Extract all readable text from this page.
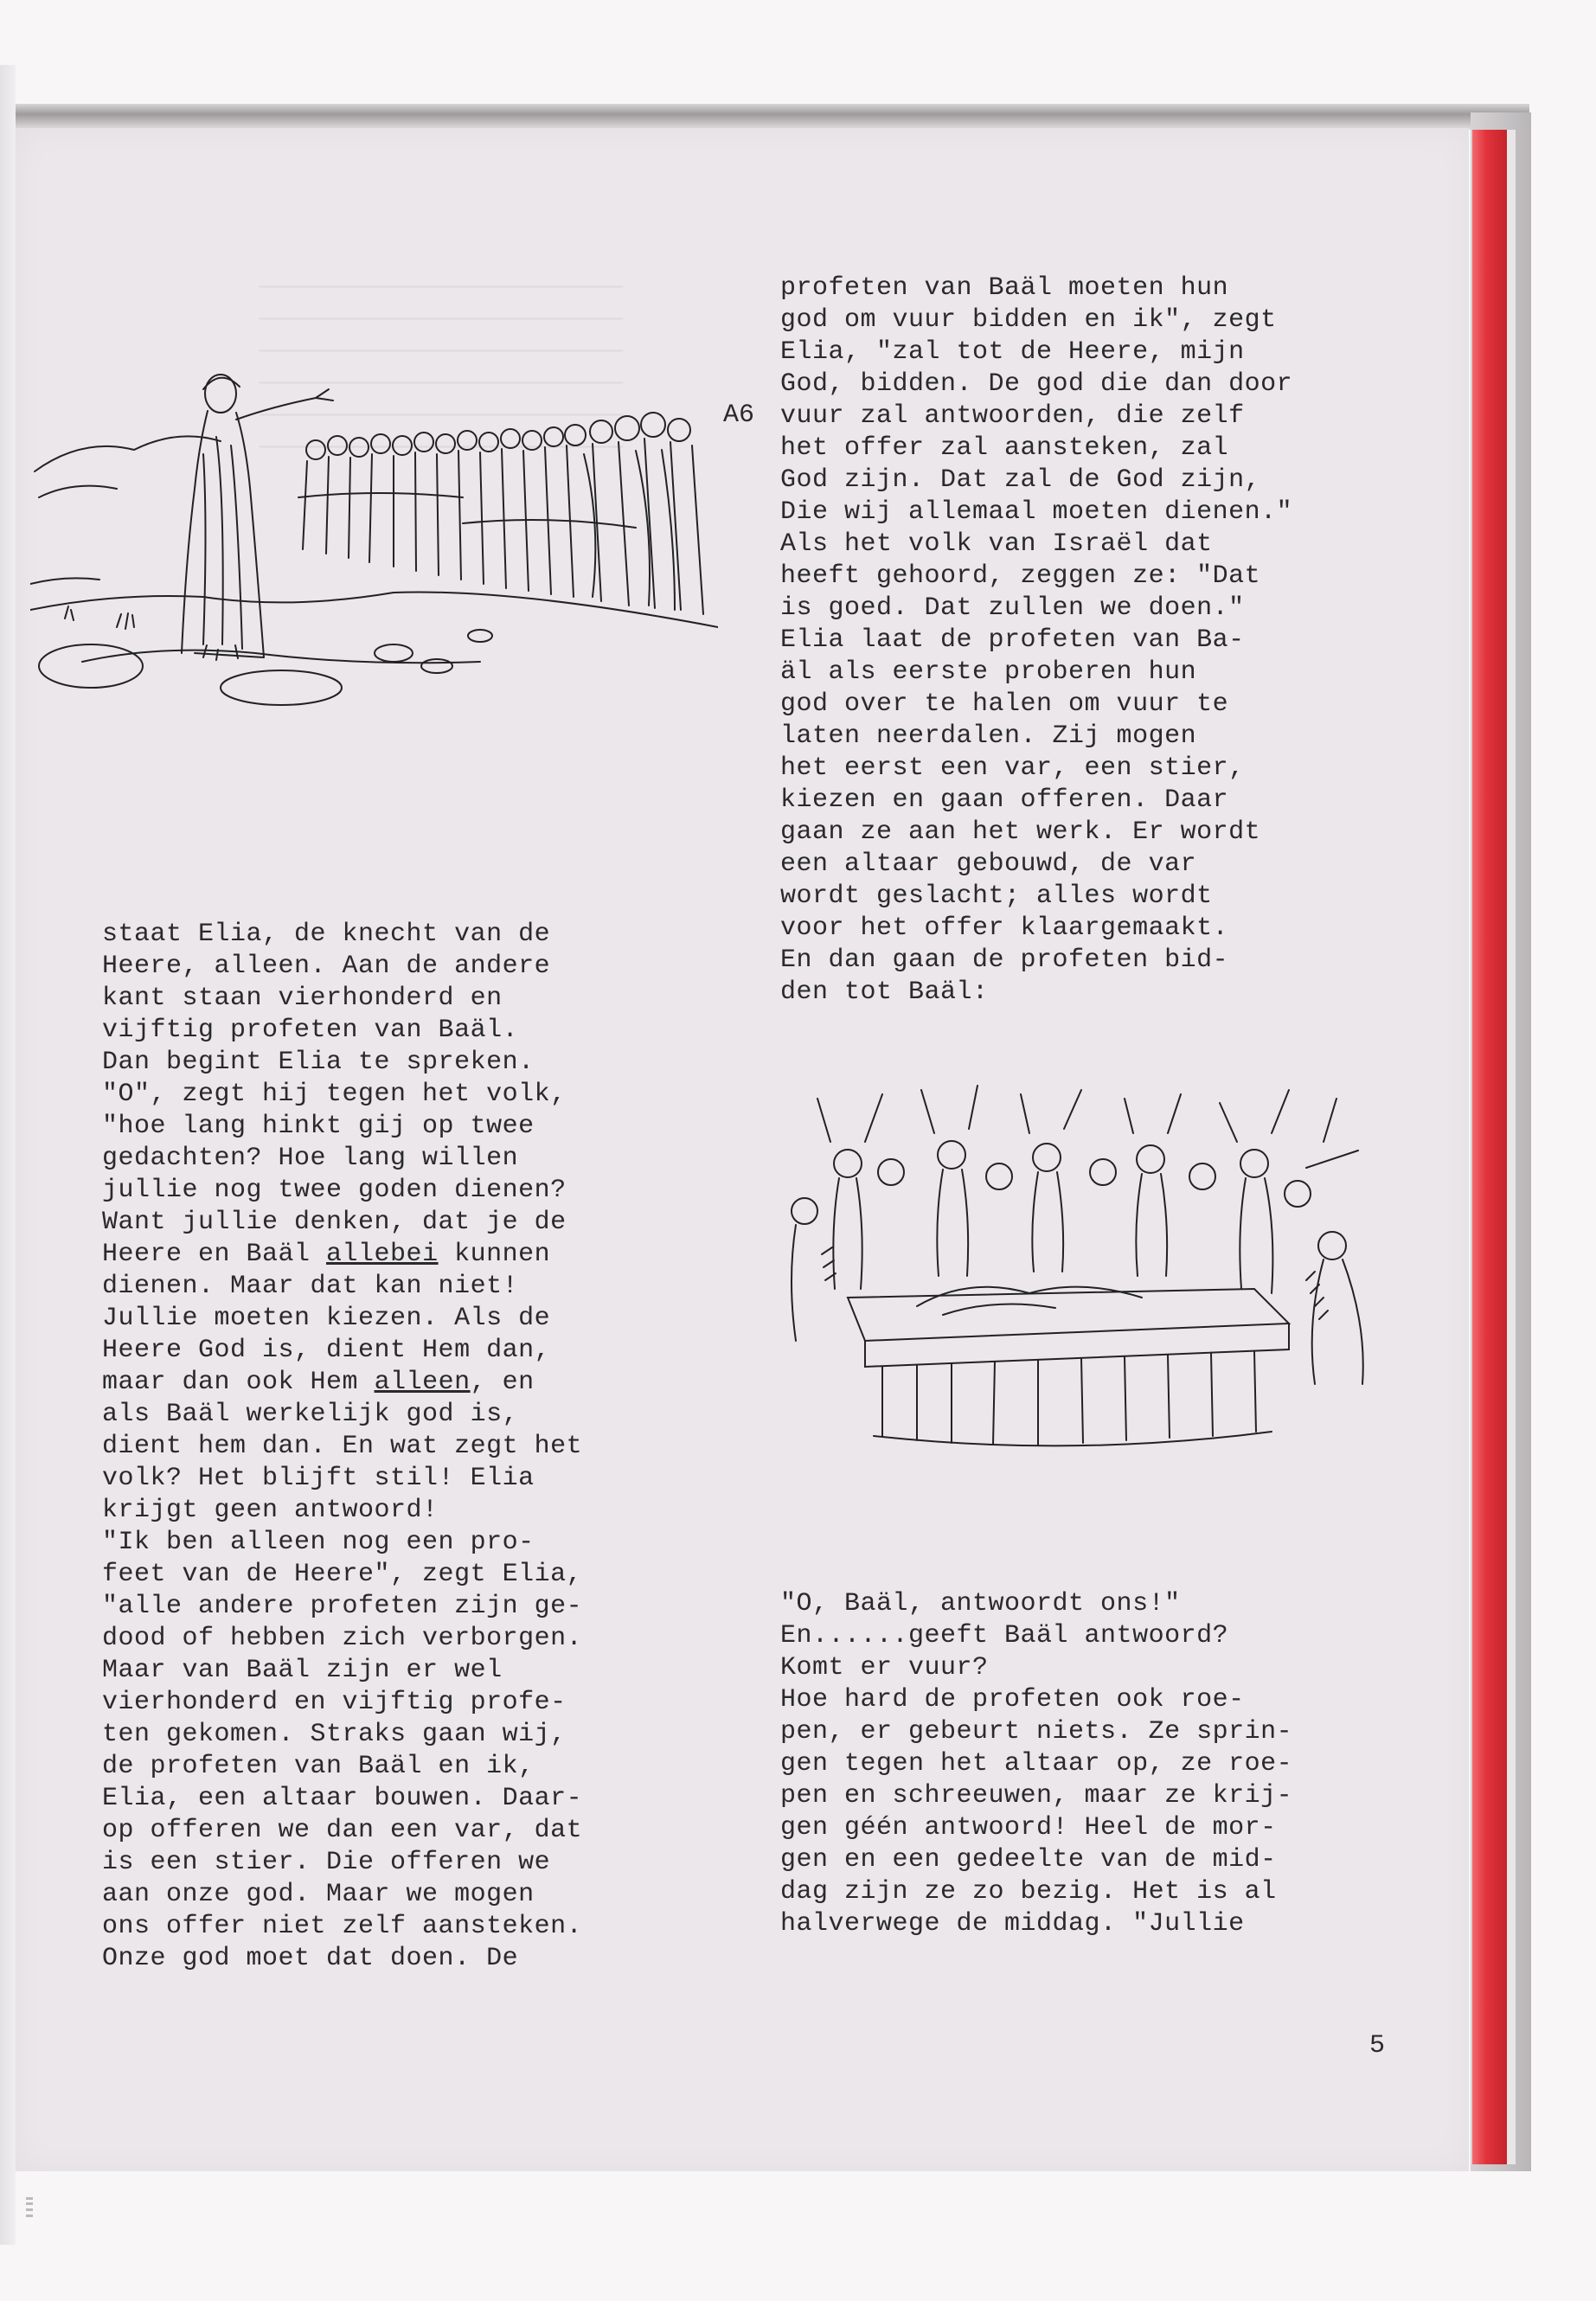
─────────────────────────
─────────────────────────
─────────────────────────
─────────────────────────
─────────────────────────
─────────────────────────
A6
profeten van Baäl moeten hun
god om vuur bidden en ik", zegt
Elia, "zal tot de Heere, mijn
God, bidden. De god die dan door
vuur zal antwoorden, die zelf
het offer zal aansteken, zal
God zijn. Dat zal de God zijn,
Die wij allemaal moeten dienen."
Als het volk van Israël dat
heeft gehoord, zeggen ze: "Dat
is goed. Dat zullen we doen."
Elia laat de profeten van Ba-
äl als eerste proberen hun
god over te halen om vuur te
laten neerdalen. Zij mogen
het eerst een var, een stier,
kiezen en gaan offeren. Daar
gaan ze aan het werk. Er wordt
een altaar gebouwd, de var
wordt geslacht; alles wordt
voor het offer klaargemaakt.
En dan gaan de profeten bid-
den tot Baäl:
staat Elia, de knecht van de
Heere, alleen. Aan de andere
kant staan vierhonderd en
vijftig profeten van Baäl.
Dan begint Elia te spreken.
"O", zegt hij tegen het volk,
"hoe lang hinkt gij op twee
gedachten? Hoe lang willen
jullie nog twee goden dienen?
Want jullie denken, dat je de
Heere en Baäl allebei kunnen
dienen. Maar dat kan niet!
Jullie moeten kiezen. Als de
Heere God is, dient Hem dan,
maar dan ook Hem alleen, en
als Baäl werkelijk god is,
dient hem dan. En wat zegt het
volk? Het blijft stil! Elia
krijgt geen antwoord!
"Ik ben alleen nog een pro-
feet van de Heere", zegt Elia,
"alle andere profeten zijn ge-
dood of hebben zich verborgen.
Maar van Baäl zijn er wel
vierhonderd en vijftig profe-
ten gekomen. Straks gaan wij,
de profeten van Baäl en ik,
Elia, een altaar bouwen. Daar-
op offeren we dan een var, dat
is een stier. Die offeren we
aan onze god. Maar we mogen
ons offer niet zelf aansteken.
Onze god moet dat doen. De
"O, Baäl, antwoordt ons!"
En......geeft Baäl antwoord?
Komt er vuur?
Hoe hard de profeten ook roe-
pen, er gebeurt niets. Ze sprin-
gen tegen het altaar op, ze roe-
pen en schreeuwen, maar ze krij-
gen géén antwoord! Heel de mor-
gen en een gedeelte van de mid-
dag zijn ze zo bezig. Het is al
halverwege de middag. "Jullie
5
